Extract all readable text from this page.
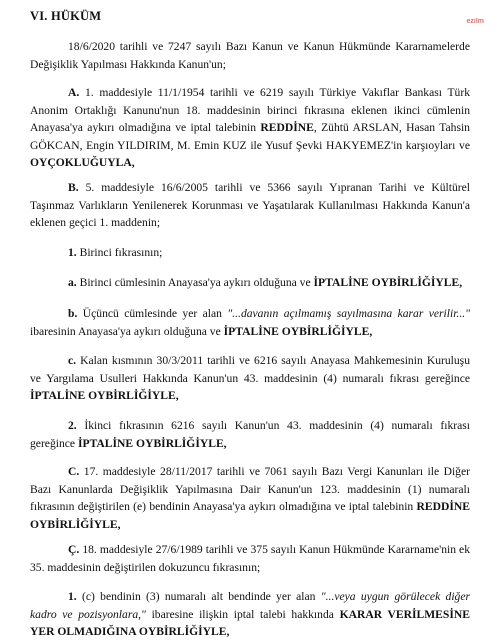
VI. HÜKÜM	ezilm

18/6/2020 tarihli ve 7247 sayılı Bazı Kanun ve Kanun Hükmünde Kararnamelerde Değişiklik Yapılması Hakkında Kanun'un;

A. 1. maddesiyle 11/1/1954 tarihli ve 6219 sayılı Türkiye Vakıflar Bankası Türk Anonim Ortaklığı Kanunu'nun 18. maddesinin birinci fıkrasına eklenen ikinci cümlenin Anayasa'ya aykırı olmadığına ve iptal talebinin REDDİNE, Zühtü ARSLAN, Hasan Tahsin GÖKCAN, Engin YILDIRIM, M. Emin KUZ ile Yusuf Şevki HAKYEMEZ'in karşıoyları ve OYÇOKLUĞUYLA,

B. 5. maddesiyle 16/6/2005 tarihli ve 5366 sayılı Yıpranan Tarihi ve Kültürel Taşınmaz Varlıkların Yenilenerek Korunması ve Yaşatılarak Kullanılması Hakkında Kanun'a eklenen geçici 1. maddenin;

1. Birinci fıkrasının;

a. Birinci cümlesinin Anayasa'ya aykırı olduğuna ve İPTALİNE OYBİRLİĞİYLE,

b. Üçüncü cümlesinde yer alan "...davanın açılmamış sayılmasına karar verilir..." ibaresinin Anayasa'ya aykırı olduğuna ve İPTALİNE OYBİRLİĞİYLE,

c. Kalan kısmının 30/3/2011 tarihli ve 6216 sayılı Anayasa Mahkemesinin Kuruluşu ve Yargılama Usulleri Hakkında Kanun'un 43. maddesinin (4) numaralı fıkrası gereğince İPTALİNE OYBİRLİĞİYLE,

2. İkinci fıkrasının 6216 sayılı Kanun'un 43. maddesinin (4) numaralı fıkrası gereğince İPTALİNE OYBİRLİĞİYLE,

C. 17. maddesiyle 28/11/2017 tarihli ve 7061 sayılı Bazı Vergi Kanunları ile Diğer Bazı Kanunlarda Değişiklik Yapılmasına Dair Kanun'un 123. maddesinin (1) numaralı fıkrasının değiştirilen (e) bendinin Anayasa'ya aykırı olmadığına ve iptal talebinin REDDİNE OYBİRLİĞİYLE,

Ç. 18. maddesiyle 27/6/1989 tarihli ve 375 sayılı Kanun Hükmünde Kararname'nin ek 35. maddesinin değiştirilen dokuzuncu fıkrasının;

1. (c) bendinin (3) numaralı alt bendinde yer alan "...veya uygun görülecek diğer kadro ve pozisyonlara," ibaresine ilişkin iptal talebi hakkında KARAR VERİLMESİNE YER OLMADIĞINA OYBİRLİĞİYLE,
